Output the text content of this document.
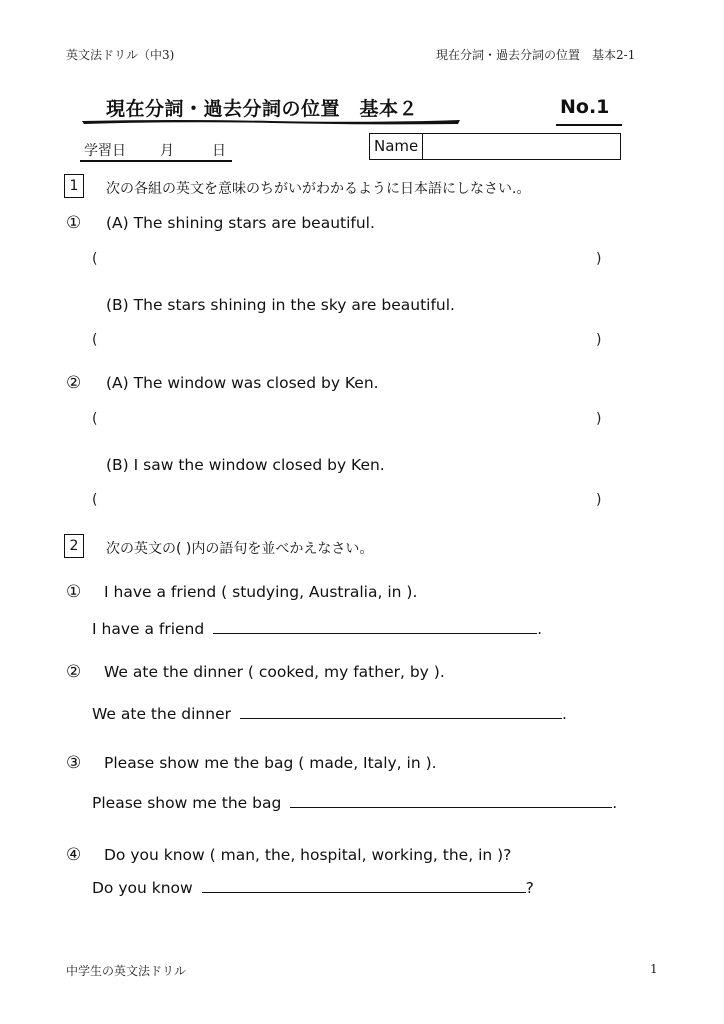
英文法ドリル（中3)	現在分詞・過去分詞の位置　基本2-1
現在分詞・過去分詞の位置　基本２	No.1
学習日 月	日	Name
1	次の各組の英文を意味のちがいがわかるように日本語にしなさい.。
① (A) The shining stars are beautiful.
(	)
(B) The stars shining in the sky are beautiful.
(	)
② (A) The window was closed by Ken.
(	)
(B) I saw the window closed by Ken.
(	)
2	次の英文の( )内の語句を並べかえなさい。
① I have a friend ( studying, Australia, in ).
I have a friend	.
② We ate the dinner ( cooked, my father, by ).
We ate the dinner	.
③ Please show me the bag ( made, Italy, in ).
Please show me the bag	.
④ Do you know ( man, the, hospital, working, the, in )?
Do you know	?
中学生の英文法ドリル	1
